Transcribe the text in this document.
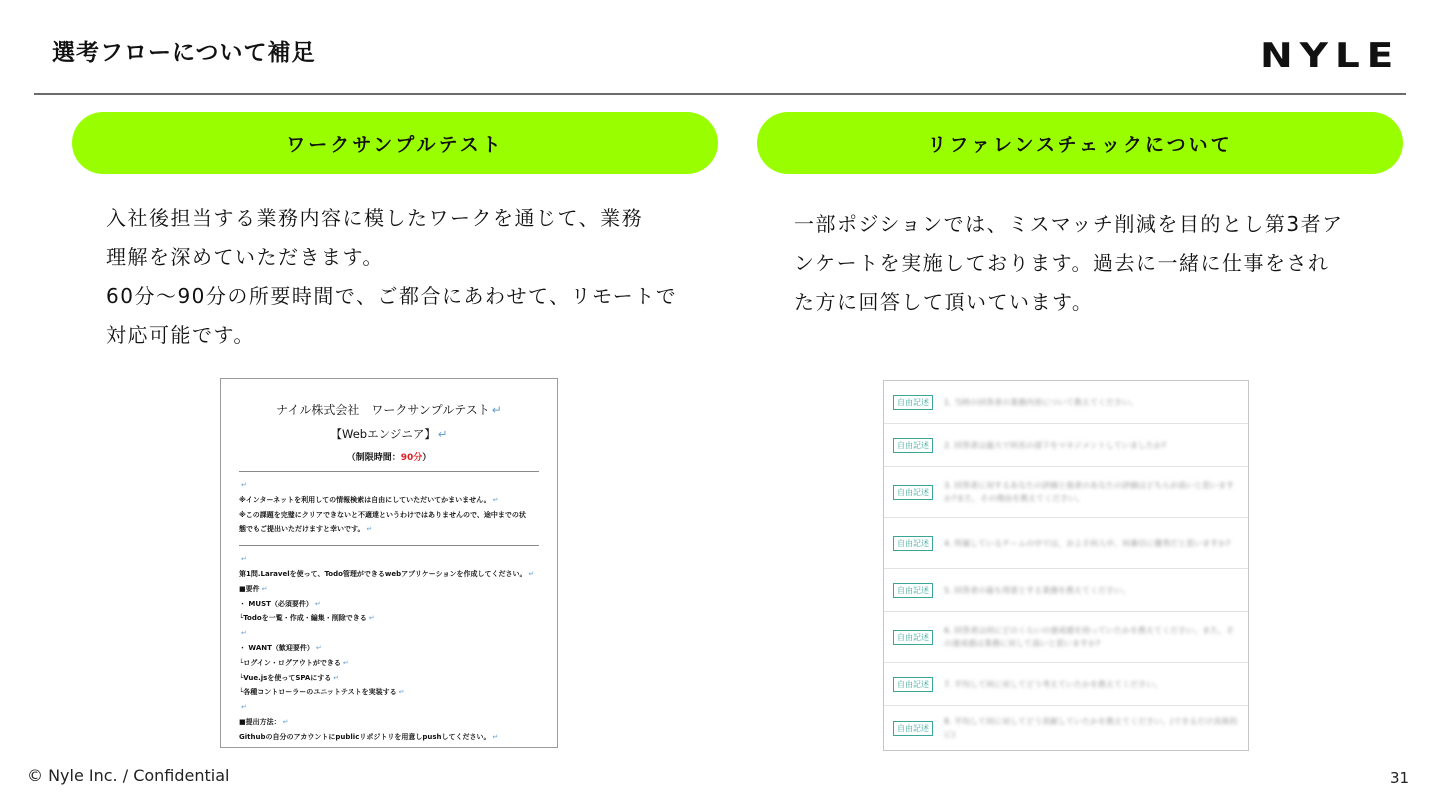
選考フローについて補足	NYLE
ワークサンプルテスト	リファレンスチェックについて

入社後担当する業務内容に模したワークを通じて、業務

理解を深めていただきます。

60分～90分の所要時間で、ご都合にあわせて、リモートで

対応可能です。

一部ポジションでは、ミスマッチ削減を目的とし第3者ア

ンケートを実施しております。過去に一緒に仕事をされ

た方に回答して頂いています。

ナイル株式会社　ワークサンプルテスト ↵
【Webエンジニア】 ↵
（制限時間：90分）
↵
※インターネットを利用しての情報検索は自由にしていただいてかまいません。 ↵
※この課題を完璧にクリアできないと不適達というわけではありませんので、途中までの状
態でもご提出いただけますと幸いです。 ↵
↵
第1問.Laravelを使って、Todo管理ができるwebアプリケーションを作成してください。 ↵
■要件 ↵
・ MUST（必須要件） ↵
└Todoを一覧・作成・編集・削除できる ↵
↵
・ WANT（歓迎要件） ↵
└ログイン・ログアウトができる ↵
└Vue.jsを使ってSPAにする ↵
└各種コントローラーのユニットテストを実装する ↵
↵
■提出方法： ↵
Githubの自分のアカウントにpublicリポジトリを用意しpushしてください。 ↵
自由記述	1. 当時の回答者の業務内容について教えてください。
自由記述	2. 回答者は最大で何名の部下をマネジメントしていましたか?
自由記述
3. 回答者に対するあなたの評価と他者のあなたの評価はどちらが高いと思いますか?また、その理由を教えてください。
自由記述	4. 所属しているチームの中では、およそ何人中、何番目に優秀だと思いますか?
自由記述	5. 回答者の最も得意とする業務を教えてください。
自由記述
6. 回答者は何にどのくらいの達成感を持っていたかを教えてください。また、その達成感は業務に対して高いと思いますか?
自由記述	7. 平均して何に対してどう考えていたかを教えてください。
自由記述
8. 平均して何に対してどう貢献していたかを教えてください。(できるだけ具体的に)
© Nyle Inc. / Confidential	31
